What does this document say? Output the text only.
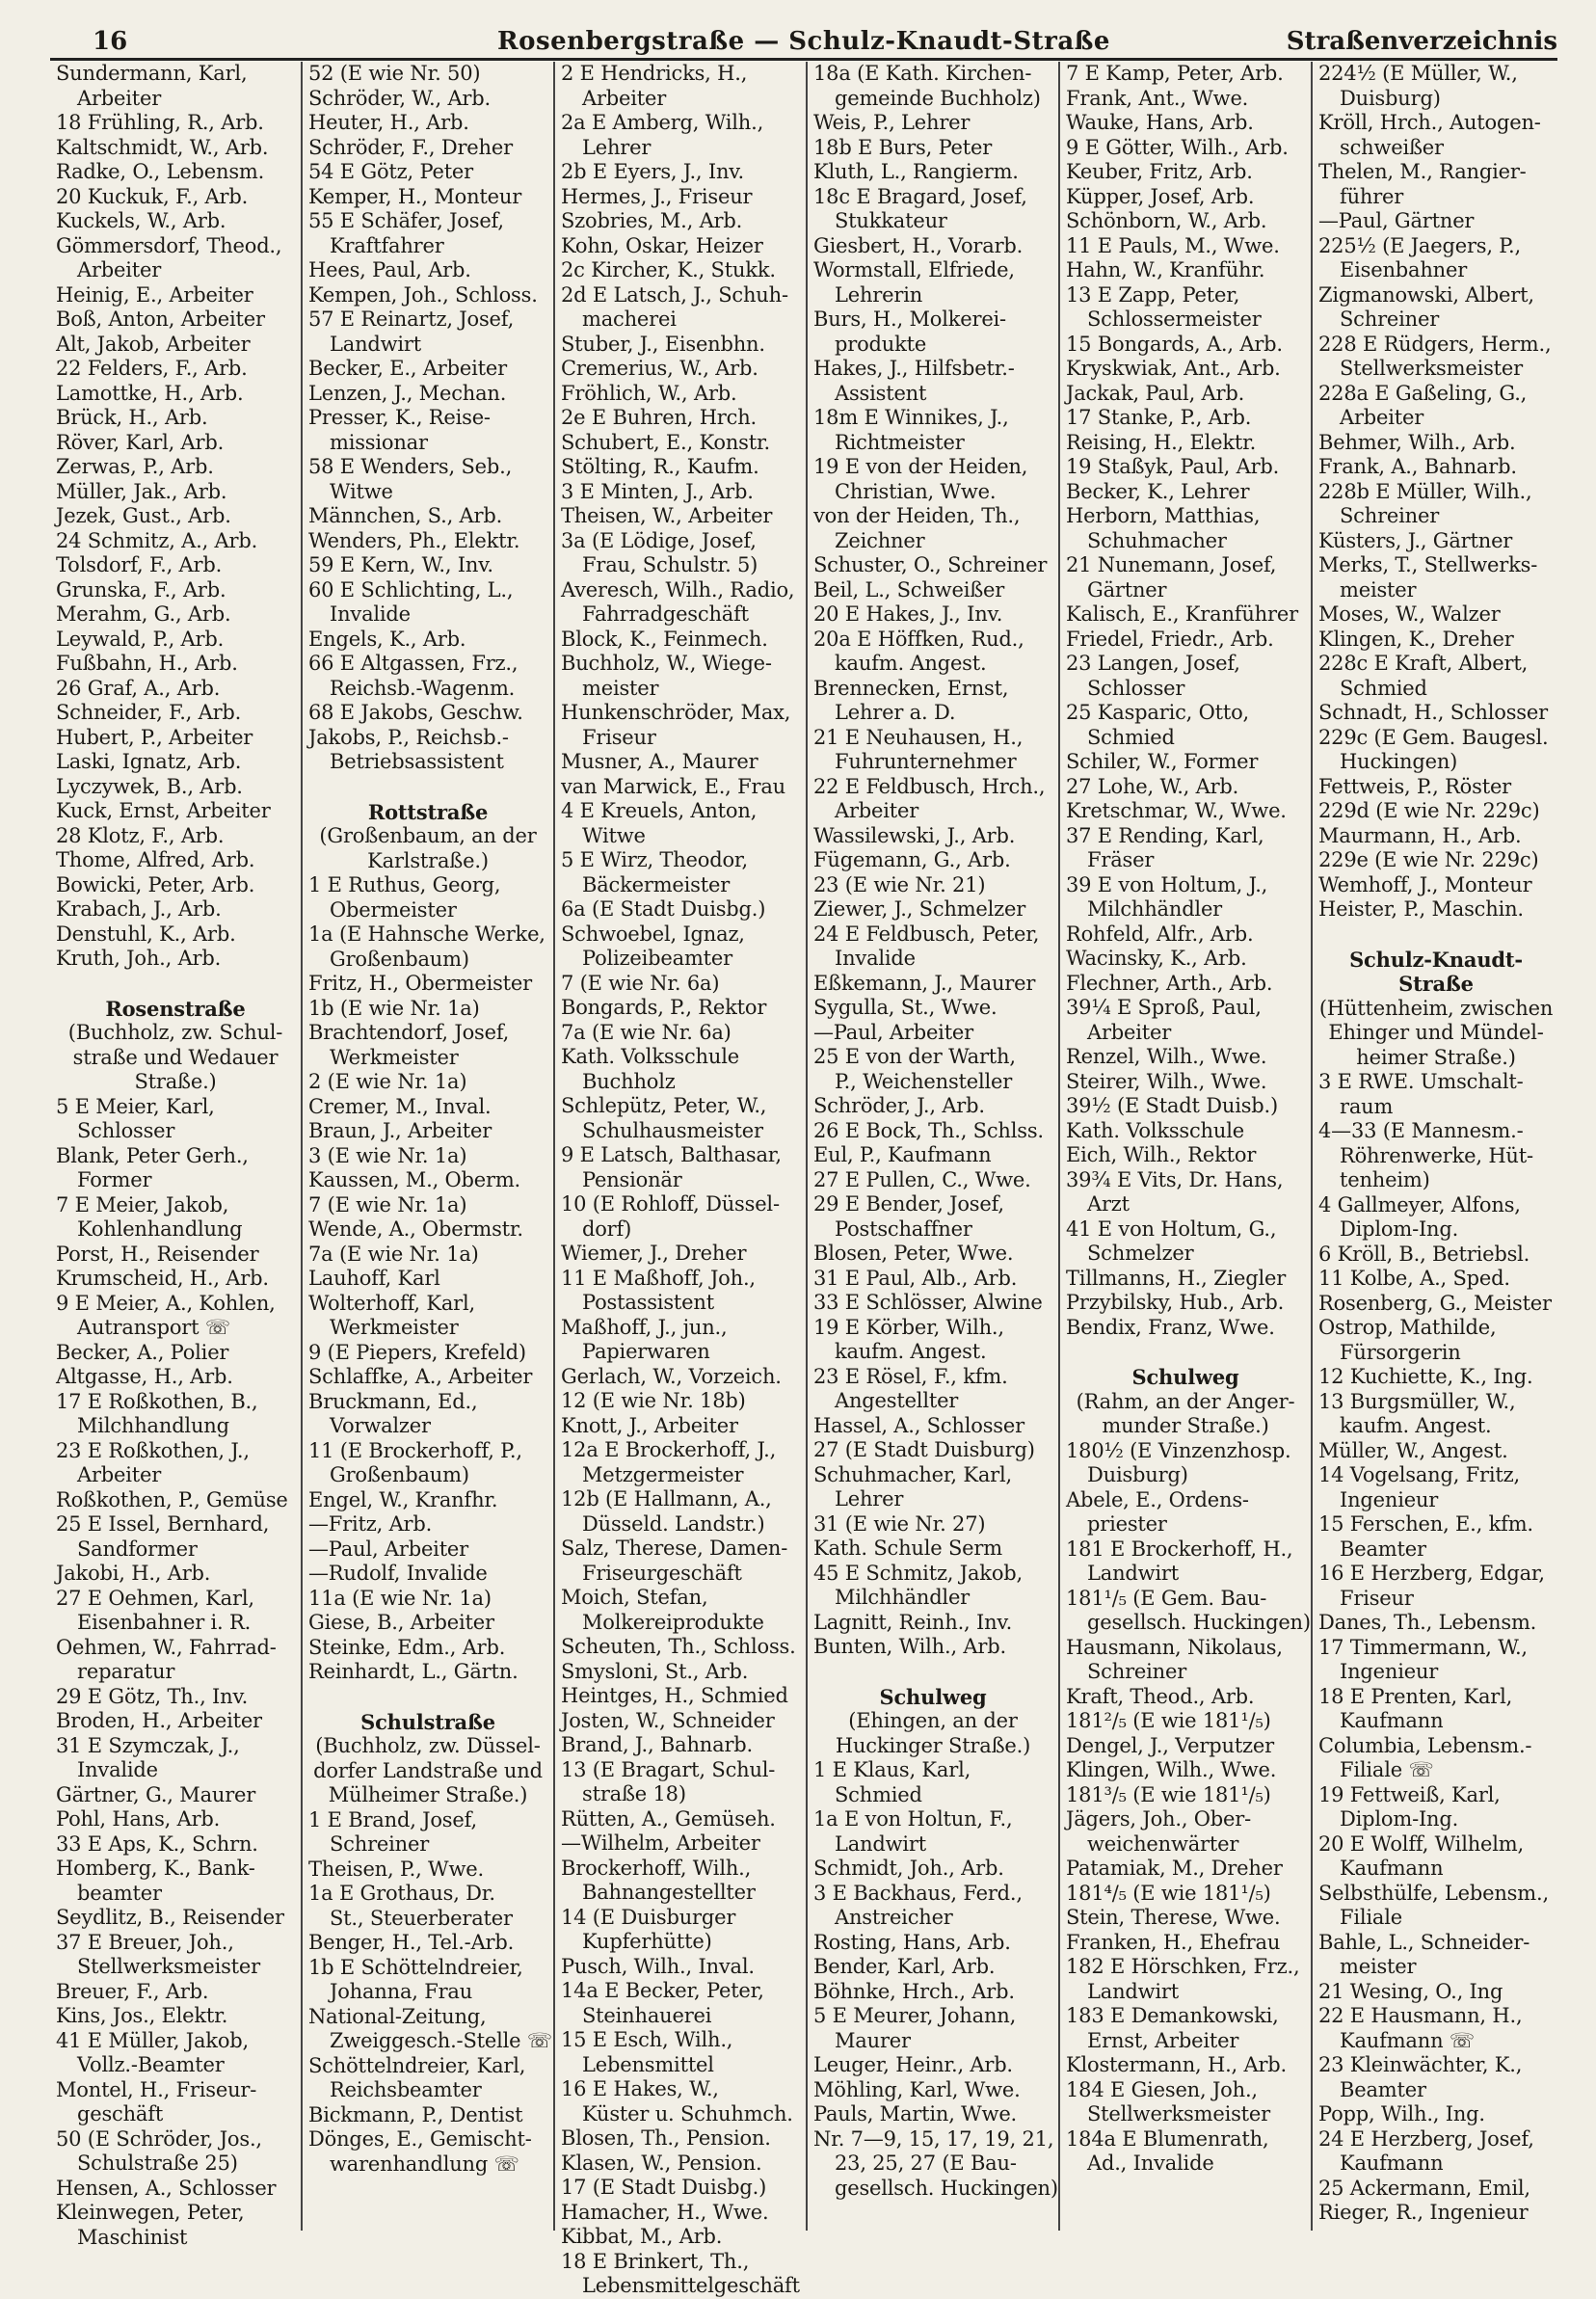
16	Rosenbergstraße — Schulz-Knaudt-Straße	Straßenverzeichnis
Sundermann, Karl,
Arbeiter
18 Frühling, R., Arb.
Kaltschmidt, W., Arb.
Radke, O., Lebensm.
20 Kuckuk, F., Arb.
Kuckels, W., Arb.
Gömmersdorf, Theod.,
Arbeiter
Heinig, E., Arbeiter
Boß, Anton, Arbeiter
Alt, Jakob, Arbeiter
22 Felders, F., Arb.
Lamottke, H., Arb.
Brück, H., Arb.
Röver, Karl, Arb.
Zerwas, P., Arb.
Müller, Jak., Arb.
Jezek, Gust., Arb.
24 Schmitz, A., Arb.
Tolsdorf, F., Arb.
Grunska, F., Arb.
Merahm, G., Arb.
Leywald, P., Arb.
Fußbahn, H., Arb.
26 Graf, A., Arb.
Schneider, F., Arb.
Hubert, P., Arbeiter
Laski, Ignatz, Arb.
Lyczywek, B., Arb.
Kuck, Ernst, Arbeiter
28 Klotz, F., Arb.
Thome, Alfred, Arb.
Bowicki, Peter, Arb.
Krabach, J., Arb.
Denstuhl, K., Arb.
Kruth, Joh., Arb.
Rosenstraße
(Buchholz, zw. Schul-
straße und Wedauer
Straße.)
5 E Meier, Karl,
Schlosser
Blank, Peter Gerh.,
Former
7 E Meier, Jakob,
Kohlenhandlung
Porst, H., Reisender
Krumscheid, H., Arb.
9 E Meier, A., Kohlen,
Autransport ☏
Becker, A., Polier
Altgasse, H., Arb.
17 E Roßkothen, B.,
Milchhandlung
23 E Roßkothen, J.,
Arbeiter
Roßkothen, P., Gemüse
25 E Issel, Bernhard,
Sandformer
Jakobi, H., Arb.
27 E Oehmen, Karl,
Eisenbahner i. R.
Oehmen, W., Fahrrad-
reparatur
29 E Götz, Th., Inv.
Broden, H., Arbeiter
31 E Szymczak, J.,
Invalide
Gärtner, G., Maurer
Pohl, Hans, Arb.
33 E Aps, K., Schrn.
Homberg, K., Bank-
beamter
Seydlitz, B., Reisender
37 E Breuer, Joh.,
Stellwerksmeister
Breuer, F., Arb.
Kins, Jos., Elektr.
41 E Müller, Jakob,
Vollz.-Beamter
Montel, H., Friseur-
geschäft
50 (E Schröder, Jos.,
Schulstraße 25)
Hensen, A., Schlosser
Kleinwegen, Peter,
Maschinist
52 (E wie Nr. 50)
Schröder, W., Arb.
Heuter, H., Arb.
Schröder, F., Dreher
54 E Götz, Peter
Kemper, H., Monteur
55 E Schäfer, Josef,
Kraftfahrer
Hees, Paul, Arb.
Kempen, Joh., Schloss.
57 E Reinartz, Josef,
Landwirt
Becker, E., Arbeiter
Lenzen, J., Mechan.
Presser, K., Reise-
missionar
58 E Wenders, Seb.,
Witwe
Männchen, S., Arb.
Wenders, Ph., Elektr.
59 E Kern, W., Inv.
60 E Schlichting, L.,
Invalide
Engels, K., Arb.
66 E Altgassen, Frz.,
Reichsb.-Wagenm.
68 E Jakobs, Geschw.
Jakobs, P., Reichsb.-
Betriebsassistent
Rottstraße
(Großenbaum, an der
Karlstraße.)
1 E Ruthus, Georg,
Obermeister
1a (E Hahnsche Werke,
Großenbaum)
Fritz, H., Obermeister
1b (E wie Nr. 1a)
Brachtendorf, Josef,
Werkmeister
2 (E wie Nr. 1a)
Cremer, M., Inval.
Braun, J., Arbeiter
3 (E wie Nr. 1a)
Kaussen, M., Oberm.
7 (E wie Nr. 1a)
Wende, A., Obermstr.
7a (E wie Nr. 1a)
Lauhoff, Karl
Wolterhoff, Karl,
Werkmeister
9 (E Piepers, Krefeld)
Schlaffke, A., Arbeiter
Bruckmann, Ed.,
Vorwalzer
11 (E Brockerhoff, P.,
Großenbaum)
Engel, W., Kranfhr.
—Fritz, Arb.
—Paul, Arbeiter
—Rudolf, Invalide
11a (E wie Nr. 1a)
Giese, B., Arbeiter
Steinke, Edm., Arb.
Reinhardt, L., Gärtn.
Schulstraße
(Buchholz, zw. Düssel-
dorfer Landstraße und
Mülheimer Straße.)
1 E Brand, Josef,
Schreiner
Theisen, P., Wwe.
1a E Grothaus, Dr.
St., Steuerberater
Benger, H., Tel.-Arb.
1b E Schöttelndreier,
Johanna, Frau
National-Zeitung,
Zweiggesch.-Stelle ☏
Schöttelndreier, Karl,
Reichsbeamter
Bickmann, P., Dentist
Dönges, E., Gemischt-
warenhandlung ☏
2 E Hendricks, H.,
Arbeiter
2a E Amberg, Wilh.,
Lehrer
2b E Eyers, J., Inv.
Hermes, J., Friseur
Szobries, M., Arb.
Kohn, Oskar, Heizer
2c Kircher, K., Stukk.
2d E Latsch, J., Schuh-
macherei
Stuber, J., Eisenbhn.
Cremerius, W., Arb.
Fröhlich, W., Arb.
2e E Buhren, Hrch.
Schubert, E., Konstr.
Stölting, R., Kaufm.
3 E Minten, J., Arb.
Theisen, W., Arbeiter
3a (E Lödige, Josef,
Frau, Schulstr. 5)
Averesch, Wilh., Radio,
Fahrradgeschäft
Block, K., Feinmech.
Buchholz, W., Wiege-
meister
Hunkenschröder, Max,
Friseur
Musner, A., Maurer
van Marwick, E., Frau
4 E Kreuels, Anton,
Witwe
5 E Wirz, Theodor,
Bäckermeister
6a (E Stadt Duisbg.)
Schwoebel, Ignaz,
Polizeibeamter
7 (E wie Nr. 6a)
Bongards, P., Rektor
7a (E wie Nr. 6a)
Kath. Volksschule
Buchholz
Schlepütz, Peter, W.,
Schulhausmeister
9 E Latsch, Balthasar,
Pensionär
10 (E Rohloff, Düssel-
dorf)
Wiemer, J., Dreher
11 E Maßhoff, Joh.,
Postassistent
Maßhoff, J., jun.,
Papierwaren
Gerlach, W., Vorzeich.
12 (E wie Nr. 18b)
Knott, J., Arbeiter
12a E Brockerhoff, J.,
Metzgermeister
12b (E Hallmann, A.,
Düsseld. Landstr.)
Salz, Therese, Damen-
Friseurgeschäft
Moich, Stefan,
Molkereiprodukte
Scheuten, Th., Schloss.
Smysloni, St., Arb.
Heintges, H., Schmied
Josten, W., Schneider
Brand, J., Bahnarb.
13 (E Bragart, Schul-
straße 18)
Rütten, A., Gemüseh.
—Wilhelm, Arbeiter
Brockerhoff, Wilh.,
Bahnangestellter
14 (E Duisburger
Kupferhütte)
Pusch, Wilh., Inval.
14a E Becker, Peter,
Steinhauerei
15 E Esch, Wilh.,
Lebensmittel
16 E Hakes, W.,
Küster u. Schuhmch.
Blosen, Th., Pension.
Klasen, W., Pension.
17 (E Stadt Duisbg.)
Hamacher, H., Wwe.
Kibbat, M., Arb.
18 E Brinkert, Th.,
Lebensmittelgeschäft
18a (E Kath. Kirchen-
gemeinde Buchholz)
Weis, P., Lehrer
18b E Burs, Peter
Kluth, L., Rangierm.
18c E Bragard, Josef,
Stukkateur
Giesbert, H., Vorarb.
Wormstall, Elfriede,
Lehrerin
Burs, H., Molkerei-
produkte
Hakes, J., Hilfsbetr.-
Assistent
18m E Winnikes, J.,
Richtmeister
19 E von der Heiden,
Christian, Wwe.
von der Heiden, Th.,
Zeichner
Schuster, O., Schreiner
Beil, L., Schweißer
20 E Hakes, J., Inv.
20a E Höffken, Rud.,
kaufm. Angest.
Brennecken, Ernst,
Lehrer a. D.
21 E Neuhausen, H.,
Fuhrunternehmer
22 E Feldbusch, Hrch.,
Arbeiter
Wassilewski, J., Arb.
Fügemann, G., Arb.
23 (E wie Nr. 21)
Ziewer, J., Schmelzer
24 E Feldbusch, Peter,
Invalide
Eßkemann, J., Maurer
Sygulla, St., Wwe.
—Paul, Arbeiter
25 E von der Warth,
P., Weichensteller
Schröder, J., Arb.
26 E Bock, Th., Schlss.
Eul, P., Kaufmann
27 E Pullen, C., Wwe.
29 E Bender, Josef,
Postschaffner
Blosen, Peter, Wwe.
31 E Paul, Alb., Arb.
33 E Schlösser, Alwine
19 E Körber, Wilh.,
kaufm. Angest.
23 E Rösel, F., kfm.
Angestellter
Hassel, A., Schlosser
27 (E Stadt Duisburg)
Schuhmacher, Karl,
Lehrer
31 (E wie Nr. 27)
Kath. Schule Serm
45 E Schmitz, Jakob,
Milchhändler
Lagnitt, Reinh., Inv.
Bunten, Wilh., Arb.
Schulweg
(Ehingen, an der
Huckinger Straße.)
1 E Klaus, Karl,
Schmied
1a E von Holtun, F.,
Landwirt
Schmidt, Joh., Arb.
3 E Backhaus, Ferd.,
Anstreicher
Rosting, Hans, Arb.
Bender, Karl, Arb.
Böhnke, Hrch., Arb.
5 E Meurer, Johann,
Maurer
Leuger, Heinr., Arb.
Möhling, Karl, Wwe.
Pauls, Martin, Wwe.
Nr. 7—9, 15, 17, 19, 21,
23, 25, 27 (E Bau-
gesellsch. Huckingen)
7 E Kamp, Peter, Arb.
Frank, Ant., Wwe.
Wauke, Hans, Arb.
9 E Götter, Wilh., Arb.
Keuber, Fritz, Arb.
Küpper, Josef, Arb.
Schönborn, W., Arb.
11 E Pauls, M., Wwe.
Hahn, W., Kranführ.
13 E Zapp, Peter,
Schlossermeister
15 Bongards, A., Arb.
Kryskwiak, Ant., Arb.
Jackak, Paul, Arb.
17 Stanke, P., Arb.
Reising, H., Elektr.
19 Staßyk, Paul, Arb.
Becker, K., Lehrer
Herborn, Matthias,
Schuhmacher
21 Nunemann, Josef,
Gärtner
Kalisch, E., Kranführer
Friedel, Friedr., Arb.
23 Langen, Josef,
Schlosser
25 Kasparic, Otto,
Schmied
Schiler, W., Former
27 Lohe, W., Arb.
Kretschmar, W., Wwe.
37 E Rending, Karl,
Fräser
39 E von Holtum, J.,
Milchhändler
Rohfeld, Alfr., Arb.
Wacinsky, K., Arb.
Flechner, Arth., Arb.
39¼ E Sproß, Paul,
Arbeiter
Renzel, Wilh., Wwe.
Steirer, Wilh., Wwe.
39½ (E Stadt Duisb.)
Kath. Volksschule
Eich, Wilh., Rektor
39¾ E Vits, Dr. Hans,
Arzt
41 E von Holtum, G.,
Schmelzer
Tillmanns, H., Ziegler
Przybilsky, Hub., Arb.
Bendix, Franz, Wwe.
Schulweg
(Rahm, an der Anger-
munder Straße.)
180½ (E Vinzenzhosp.
Duisburg)
Abele, E., Ordens-
priester
181 E Brockerhoff, H.,
Landwirt
181¹/₅ (E Gem. Bau-
gesellsch. Huckingen)
Hausmann, Nikolaus,
Schreiner
Kraft, Theod., Arb.
181²/₅ (E wie 181¹/₅)
Dengel, J., Verputzer
Klingen, Wilh., Wwe.
181³/₅ (E wie 181¹/₅)
Jägers, Joh., Ober-
weichenwärter
Patamiak, M., Dreher
181⁴/₅ (E wie 181¹/₅)
Stein, Therese, Wwe.
Franken, H., Ehefrau
182 E Hörschken, Frz.,
Landwirt
183 E Demankowski,
Ernst, Arbeiter
Klostermann, H., Arb.
184 E Giesen, Joh.,
Stellwerksmeister
184a E Blumenrath,
Ad., Invalide
224½ (E Müller, W.,
Duisburg)
Kröll, Hrch., Autogen-
schweißer
Thelen, M., Rangier-
führer
—Paul, Gärtner
225½ (E Jaegers, P.,
Eisenbahner
Zigmanowski, Albert,
Schreiner
228 E Rüdgers, Herm.,
Stellwerksmeister
228a E Gaßeling, G.,
Arbeiter
Behmer, Wilh., Arb.
Frank, A., Bahnarb.
228b E Müller, Wilh.,
Schreiner
Küsters, J., Gärtner
Merks, T., Stellwerks-
meister
Moses, W., Walzer
Klingen, K., Dreher
228c E Kraft, Albert,
Schmied
Schnadt, H., Schlosser
229c (E Gem. Baugesl.
Huckingen)
Fettweis, P., Röster
229d (E wie Nr. 229c)
Maurmann, H., Arb.
229e (E wie Nr. 229c)
Wemhoff, J., Monteur
Heister, P., Maschin.
Schulz-Knaudt-
Straße
(Hüttenheim, zwischen
Ehinger und Mündel-
heimer Straße.)
3 E RWE. Umschalt-
raum
4—33 (E Mannesm.-
Röhrenwerke, Hüt-
tenheim)
4 Gallmeyer, Alfons,
Diplom-Ing.
6 Kröll, B., Betriebsl.
11 Kolbe, A., Sped.
Rosenberg, G., Meister
Ostrop, Mathilde,
Fürsorgerin
12 Kuchiette, K., Ing.
13 Burgsmüller, W.,
kaufm. Angest.
Müller, W., Angest.
14 Vogelsang, Fritz,
Ingenieur
15 Ferschen, E., kfm.
Beamter
16 E Herzberg, Edgar,
Friseur
Danes, Th., Lebensm.
17 Timmermann, W.,
Ingenieur
18 E Prenten, Karl,
Kaufmann
Columbia, Lebensm.-
Filiale ☏
19 Fettweiß, Karl,
Diplom-Ing.
20 E Wolff, Wilhelm,
Kaufmann
Selbsthülfe, Lebensm.,
Filiale
Bahle, L., Schneider-
meister
21 Wesing, O., Ing
22 E Hausmann, H.,
Kaufmann ☏
23 Kleinwächter, K.,
Beamter
Popp, Wilh., Ing.
24 E Herzberg, Josef,
Kaufmann
25 Ackermann, Emil,
Rieger, R., Ingenieur
